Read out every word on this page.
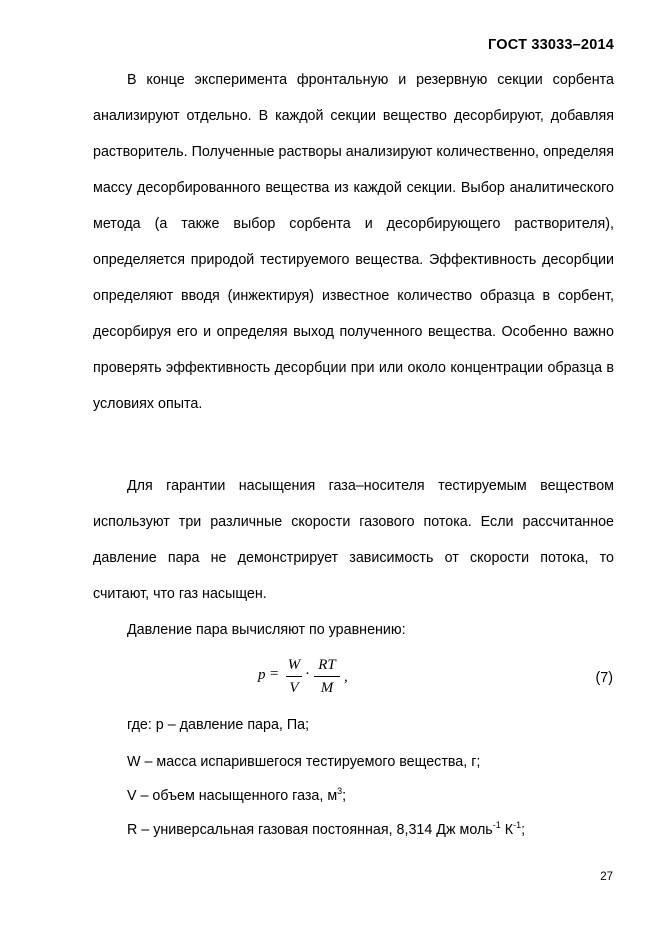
ГОСТ 33033–2014

В конце эксперимента фронтальную и резервную секции сорбента анализируют отдельно. В каждой секции вещество десорбируют, добавляя растворитель. Полученные растворы анализируют количественно, определяя массу десорбированного вещества из каждой секции. Выбор аналитического метода (а также выбор сорбента и десорбирующего растворителя), определяется природой тестируемого вещества. Эффективность десорбции определяют вводя (инжектируя) известное количество образца в сорбент, десорбируя его и определяя выход полученного вещества. Особенно важно проверять эффективность десорбции при или около концентрации образца в условиях опыта.

Для гарантии насыщения газа–носителя тестируемым веществом используют три различные скорости газового потока. Если рассчитанное давление пара не демонстрирует зависимость от скорости потока, то считают, что газ насыщен.

Давление пара вычисляют по уравнению:

p =
W
V
·
RT
M
,	(7)
где: p – давление пара, Па;
W – масса испарившегося тестируемого вещества, г;
V – объем насыщенного газа, $м^3$;
R – универсальная газовая постоянная, 8,314 Дж моль$^{-1}$ $К^{-1}$;
27
